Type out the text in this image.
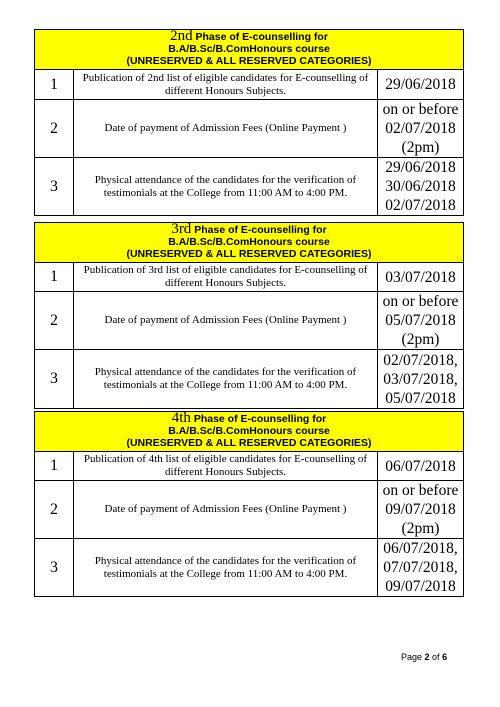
2nd Phase of E-counselling for
B.A/B.Sc/B.ComHonours course
(UNRESERVED & ALL RESERVED CATEGORIES)		

1	Publication of 2nd list of eligible candidates for E-counselling of different Honours Subjects.	29/06/2018
2	Date of payment of Admission Fees (Online Payment )	on or before
02/07/2018
(2pm)
3	Physical attendance of the candidates for the verification of testimonials at the College from 11:00 AM to 4:00 PM.	29/06/2018
30/06/2018
02/07/2018
3rd Phase of E-counselling for
B.A/B.Sc/B.ComHonours course
(UNRESERVED & ALL RESERVED CATEGORIES)		

1	Publication of 3rd list of eligible candidates for E-counselling of different Honours Subjects.	03/07/2018
2	Date of payment of Admission Fees (Online Payment )	on or before
05/07/2018
(2pm)
3	Physical attendance of the candidates for the verification of testimonials at the College from 11:00 AM to 4:00 PM.	02/07/2018,
03/07/2018,
05/07/2018
4th Phase of E-counselling for
B.A/B.Sc/B.ComHonours course
(UNRESERVED & ALL RESERVED CATEGORIES)		

1	Publication of 4th list of eligible candidates for E-counselling of different Honours Subjects.	06/07/2018
2	Date of payment of Admission Fees (Online Payment )	on or before
09/07/2018
(2pm)
3	Physical attendance of the candidates for the verification of testimonials at the College from 11:00 AM to 4:00 PM.	06/07/2018,
07/07/2018,
09/07/2018
Page 2 of 6
